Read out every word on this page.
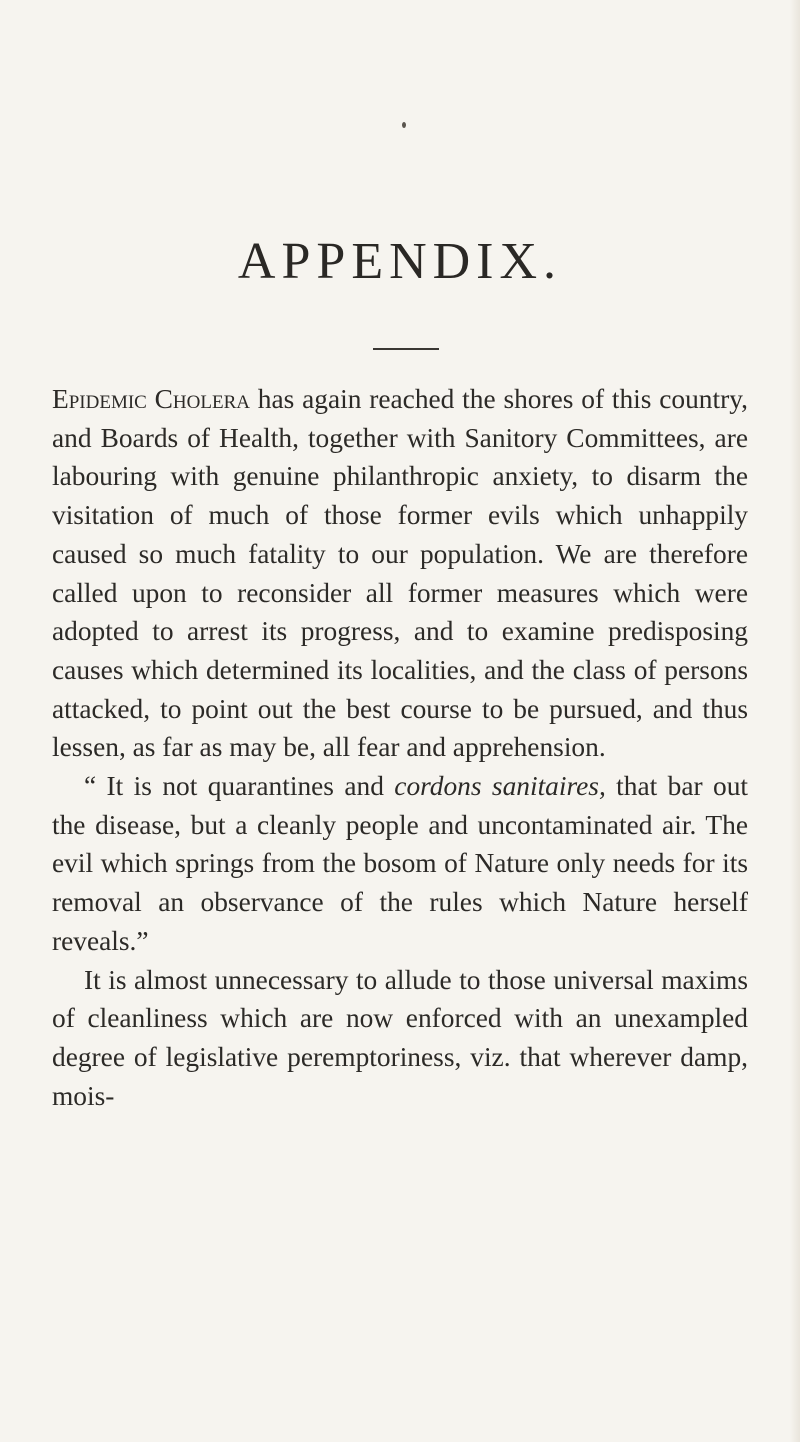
APPENDIX.

Epidemic Cholera has again reached the shores of this country, and Boards of Health, together with Sanitory Committees, are labouring with genuine philanthropic anxiety, to disarm the visitation of much of those former evils which unhappily caused so much fatality to our population. We are therefore called upon to reconsider all former measures which were adopted to arrest its progress, and to examine predisposing causes which determined its localities, and the class of persons attacked, to point out the best course to be pursued, and thus lessen, as far as may be, all fear and apprehension.

“ It is not quarantines and cordons sanitaires, that bar out the disease, but a cleanly people and uncontaminated air. The evil which springs from the bosom of Nature only needs for its removal an observance of the rules which Nature herself reveals.”

It is almost unnecessary to allude to those universal maxims of cleanliness which are now enforced with an unexampled degree of legislative peremptoriness, viz. that wherever damp, mois-
